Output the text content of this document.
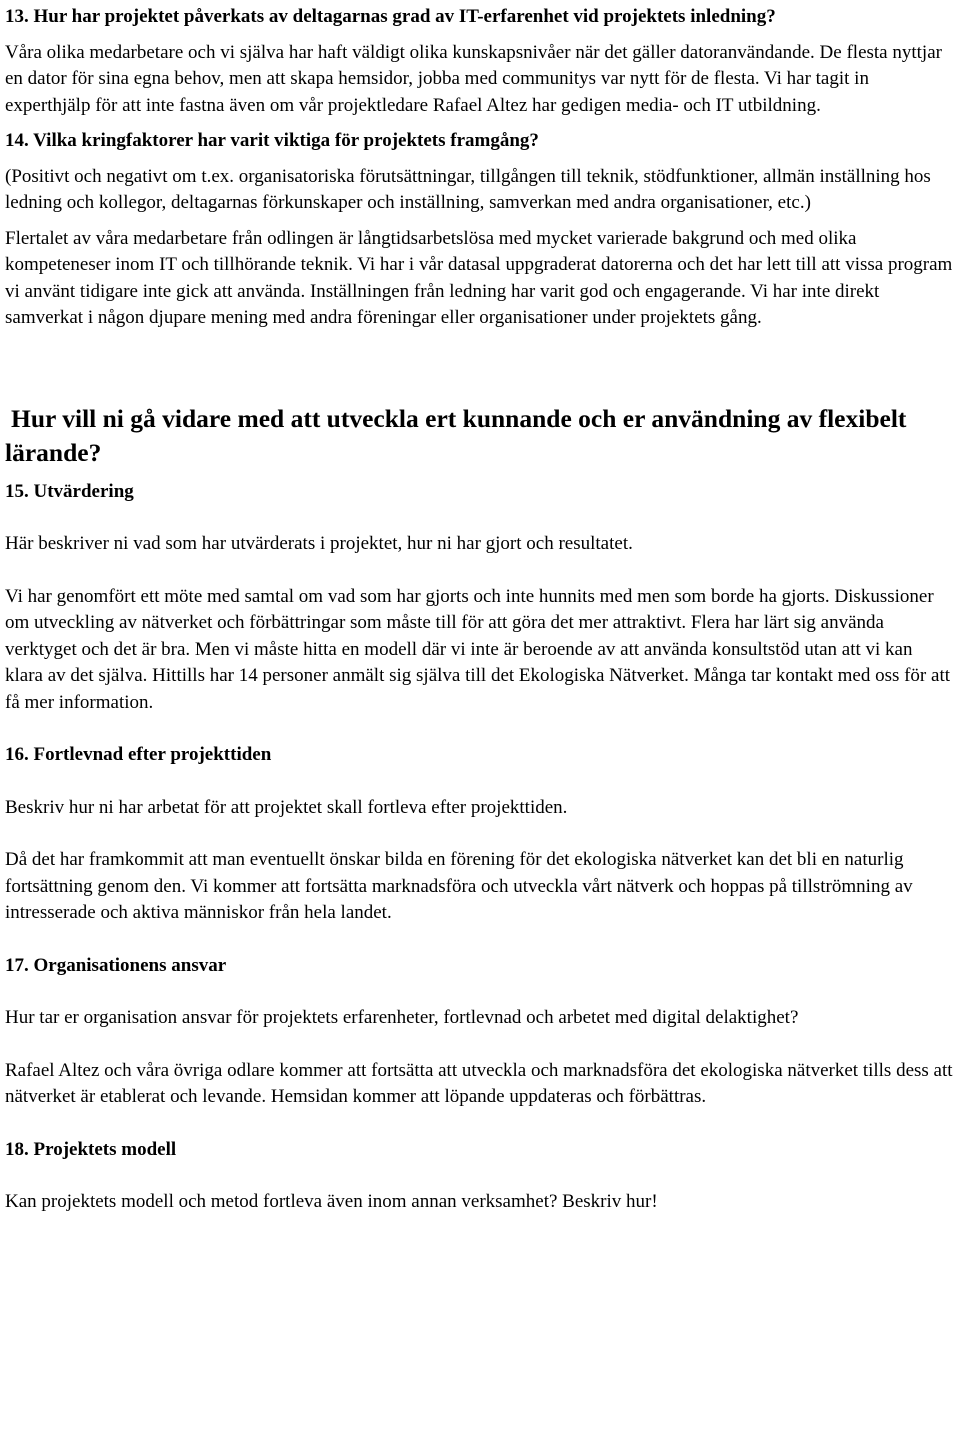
13. Hur har projektet påverkats av deltagarnas grad av IT-erfarenhet vid projektets inledning?

Våra olika medarbetare och vi själva har haft väldigt olika kunskapsnivåer när det gäller datoranvändande. De flesta nyttjar en dator för sina egna behov, men att skapa hemsidor, jobba med communitys var nytt för de flesta. Vi har tagit in experthjälp för att inte fastna även om vår projektledare Rafael Altez har gedigen media- och IT utbildning.

14. Vilka kringfaktorer har varit viktiga för projektets framgång?

(Positivt och negativt om t.ex. organisatoriska förutsättningar, tillgången till teknik, stödfunktioner, allmän inställning hos ledning och kollegor, deltagarnas förkunskaper och inställning, samverkan med andra organisationer, etc.)

Flertalet av våra medarbetare från odlingen är långtidsarbetslösa med mycket varierade bakgrund och med olika kompeteneser inom IT och tillhörande teknik. Vi har i vår datasal uppgraderat datorerna och det har lett till att vissa program vi använt tidigare inte gick att använda. Inställningen från ledning har varit god och engagerande. Vi har inte direkt samverkat i någon djupare mening med andra föreningar eller organisationer under projektets gång.

Hur vill ni gå vidare med att utveckla ert kunnande och er användning av flexibelt lärande?

15. Utvärdering

Här beskriver ni vad som har utvärderats i projektet, hur ni har gjort och resultatet.

Vi har genomfört ett möte med samtal om vad som har gjorts och inte hunnits med men som borde ha gjorts. Diskussioner om utveckling av nätverket och förbättringar som måste till för att göra det mer attraktivt. Flera har lärt sig använda verktyget och det är bra. Men vi måste hitta en modell där vi inte är beroende av att använda konsultstöd utan att vi kan klara av det själva. Hittills har 14 personer anmält sig själva till det Ekologiska Nätverket. Många tar kontakt med oss för att få mer information.

16. Fortlevnad efter projekttiden

Beskriv hur ni har arbetat för att projektet skall fortleva efter projekttiden.

Då det har framkommit att man eventuellt önskar bilda en förening för det ekologiska nätverket kan det bli en naturlig fortsättning genom den. Vi kommer att fortsätta marknadsföra och utveckla vårt nätverk och hoppas på tillströmning av intresserade och aktiva människor från hela landet.

17. Organisationens ansvar

Hur tar er organisation ansvar för projektets erfarenheter, fortlevnad och arbetet med digital delaktighet?

Rafael Altez och våra övriga odlare kommer att fortsätta att utveckla och marknadsföra det ekologiska nätverket tills dess att nätverket är etablerat och levande. Hemsidan kommer att löpande uppdateras och förbättras.

18. Projektets modell

Kan projektets modell och metod fortleva även inom annan verksamhet? Beskriv hur!
